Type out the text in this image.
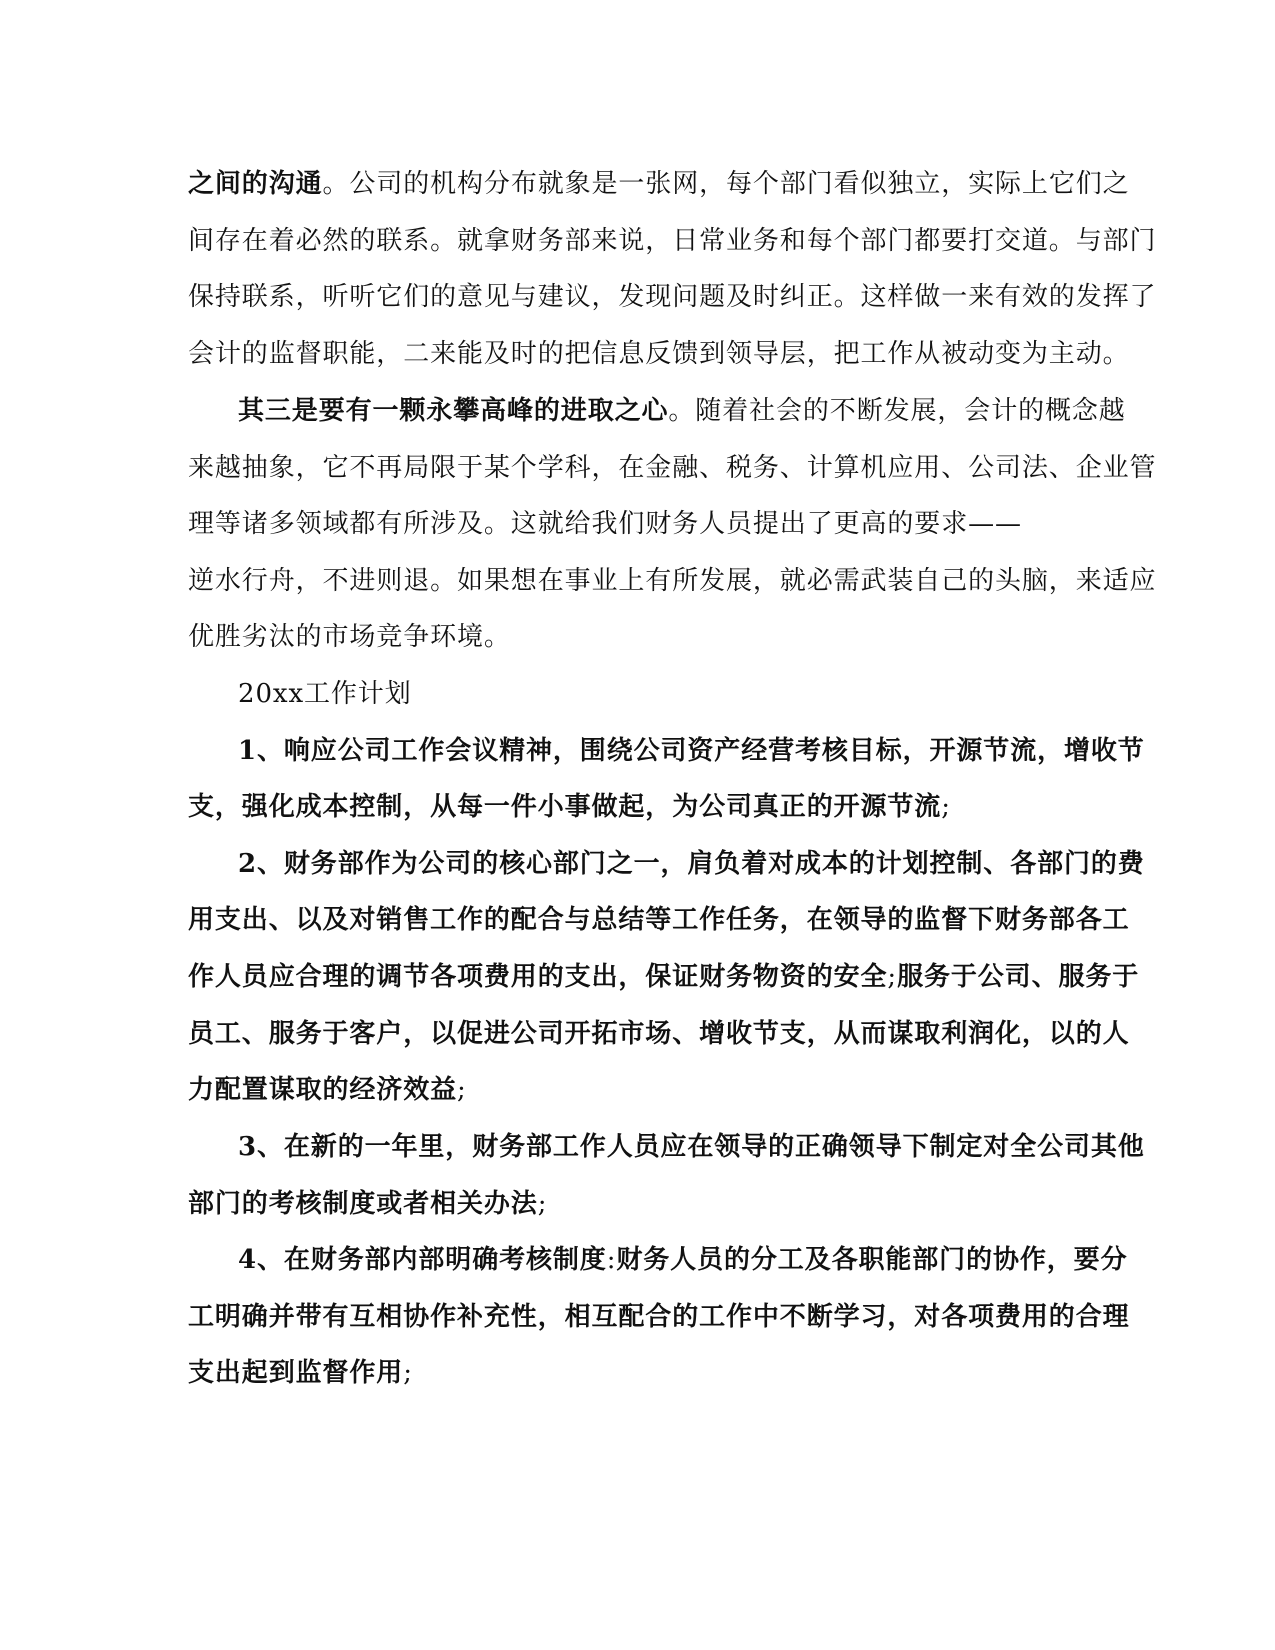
之间的沟通。公司的机构分布就象是一张网，每个部门看似独立，实际上它们之

间存在着必然的联系。就拿财务部来说，日常业务和每个部门都要打交道。与部门

保持联系，听听它们的意见与建议，发现问题及时纠正。这样做一来有效的发挥了

会计的监督职能，二来能及时的把信息反馈到领导层，把工作从被动变为主动。

其三是要有一颗永攀高峰的进取之心。随着社会的不断发展，会计的概念越

来越抽象，它不再局限于某个学科，在金融、税务、计算机应用、公司法、企业管

理等诸多领域都有所涉及。这就给我们财务人员提出了更高的要求——

逆水行舟，不进则退。如果想在事业上有所发展，就必需武装自己的头脑，来适应

优胜劣汰的市场竞争环境。

20xx工作计划

1、响应公司工作会议精神，围绕公司资产经营考核目标，开源节流，增收节

支，强化成本控制，从每一件小事做起，为公司真正的开源节流;

2、财务部作为公司的核心部门之一，肩负着对成本的计划控制、各部门的费

用支出、以及对销售工作的配合与总结等工作任务，在领导的监督下财务部各工

作人员应合理的调节各项费用的支出，保证财务物资的安全;服务于公司、服务于

员工、服务于客户，以促进公司开拓市场、增收节支，从而谋取利润化，以的人

力配置谋取的经济效益;

3、在新的一年里，财务部工作人员应在领导的正确领导下制定对全公司其他

部门的考核制度或者相关办法;

4、在财务部内部明确考核制度:财务人员的分工及各职能部门的协作，要分

工明确并带有互相协作补充性，相互配合的工作中不断学习，对各项费用的合理

支出起到监督作用;
